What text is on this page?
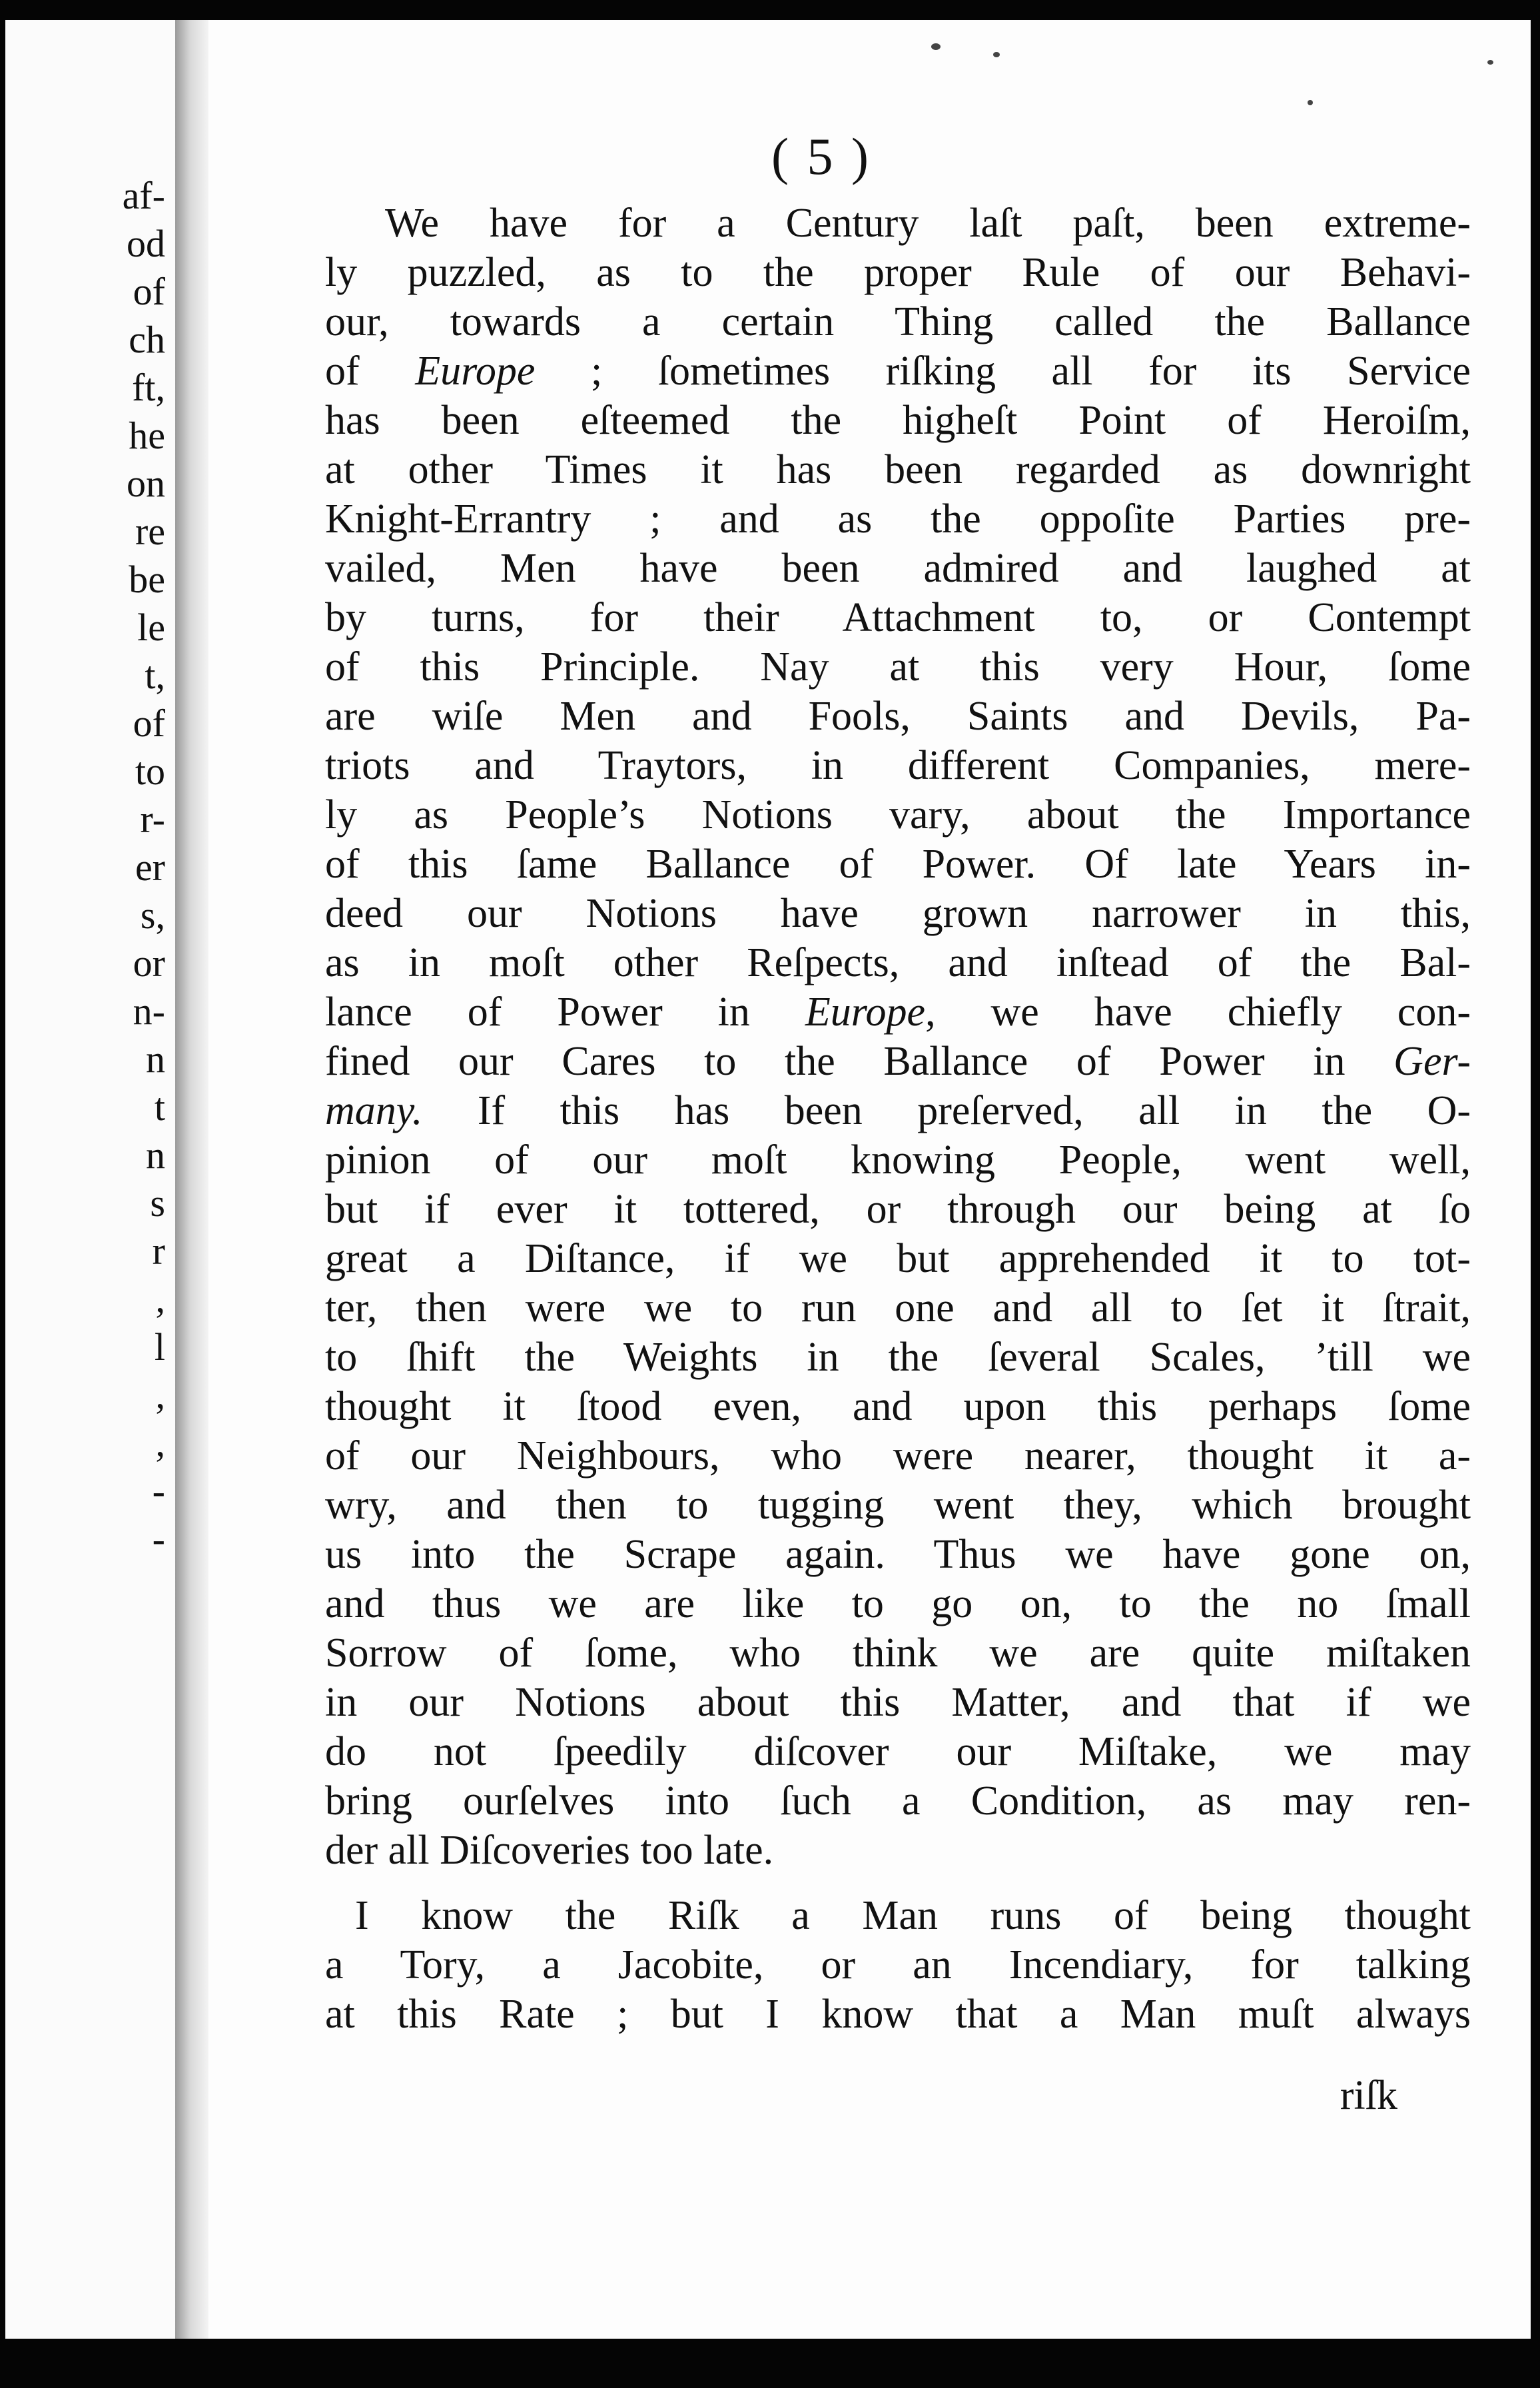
af-
od
of
ch
ft,
he
on
re
be
le
t,
of
to
r-
er
s,
or
n-
n
t
n
s
r
,
l
,
,
-
-
( 5 )
We have for a Century laſt paſt, been extreme-
ly puzzled, as to the proper Rule of our Behavi-
our, towards a certain Thing called the Ballance
of Europe ; ſometimes riſking all for its Service
has been eſteemed the higheſt Point of Heroiſm,
at other Times it has been regarded as downright
Knight-Errantry ; and as the oppoſite Parties pre-
vailed, Men have been admired and laughed at
by turns, for their Attachment to, or Contempt
of this Principle. Nay at this very Hour, ſome
are wiſe Men and Fools, Saints and Devils, Pa-
triots and Traytors, in different Companies, mere-
ly as People’s Notions vary, about the Importance
of this ſame Ballance of Power. Of late Years in-
deed our Notions have grown narrower in this,
as in moſt other Reſpects, and inſtead of the Bal-
lance of Power in Europe, we have chiefly con-
fined our Cares to the Ballance of Power in Ger-
many. If this has been preſerved, all in the O-
pinion of our moſt knowing People, went well,
but if ever it tottered, or through our being at ſo
great a Diſtance, if we but apprehended it to tot-
ter, then were we to run one and all to ſet it ſtrait,
to ſhift the Weights in the ſeveral Scales, ’till we
thought it ſtood even, and upon this perhaps ſome
of our Neighbours, who were nearer, thought it a-
wry, and then to tugging went they, which brought
us into the Scrape again. Thus we have gone on,
and thus we are like to go on, to the no ſmall
Sorrow of ſome, who think we are quite miſtaken
in our Notions about this Matter, and that if we
do not ſpeedily diſcover our Miſtake, we may
bring ourſelves into ſuch a Condition, as may ren-
der all Diſcoveries too late.
I know the Riſk a Man runs of being thought
a Tory, a Jacobite, or an Incendiary, for talking
at this Rate ; but I know that a Man muſt always
riſk
